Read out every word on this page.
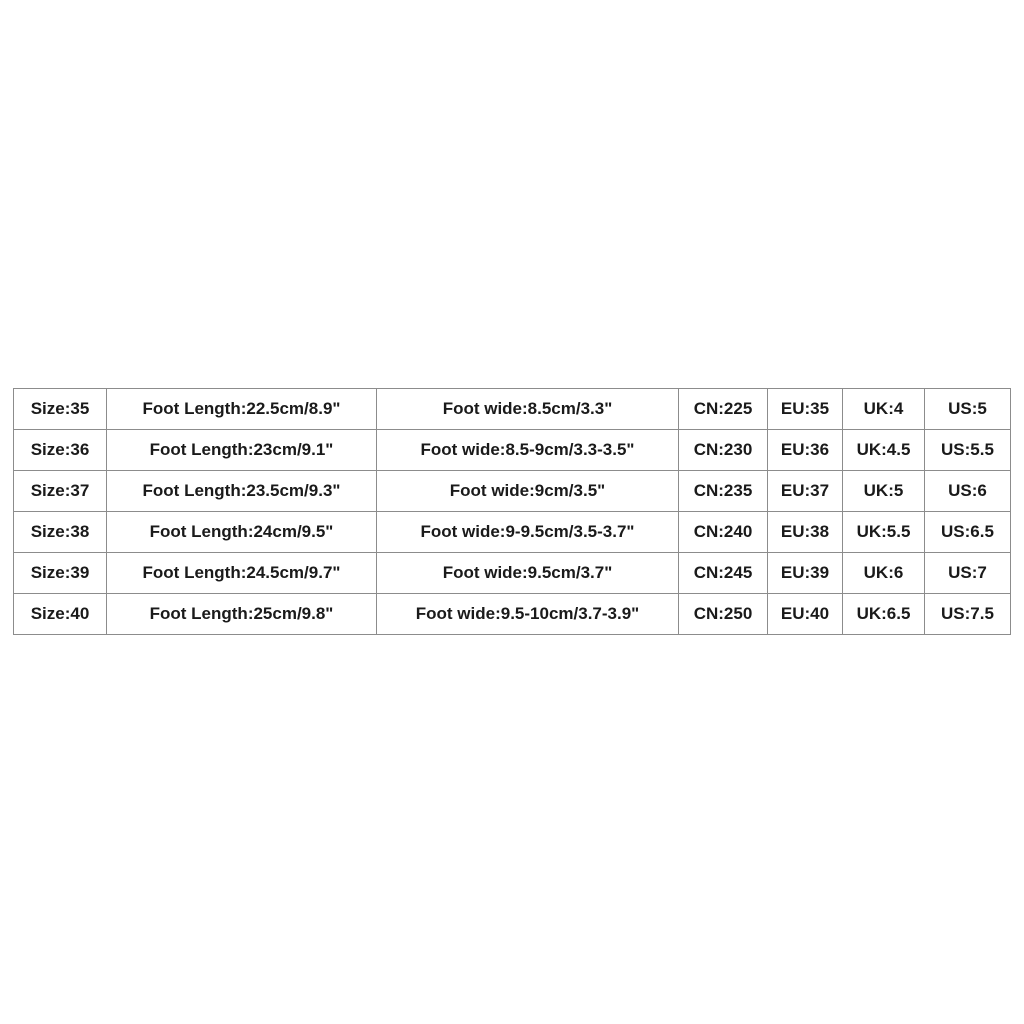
Size:35	Foot Length:22.5cm/8.9"	Foot wide:8.5cm/3.3"	CN:225	EU:35	UK:4	US:5
Size:36	Foot Length:23cm/9.1"	Foot wide:8.5-9cm/3.3-3.5"	CN:230	EU:36	UK:4.5	US:5.5
Size:37	Foot Length:23.5cm/9.3"	Foot wide:9cm/3.5"	CN:235	EU:37	UK:5	US:6
Size:38	Foot Length:24cm/9.5"	Foot wide:9-9.5cm/3.5-3.7"	CN:240	EU:38	UK:5.5	US:6.5
Size:39	Foot Length:24.5cm/9.7"	Foot wide:9.5cm/3.7"	CN:245	EU:39	UK:6	US:7
Size:40	Foot Length:25cm/9.8"	Foot wide:9.5-10cm/3.7-3.9"	CN:250	EU:40	UK:6.5	US:7.5
